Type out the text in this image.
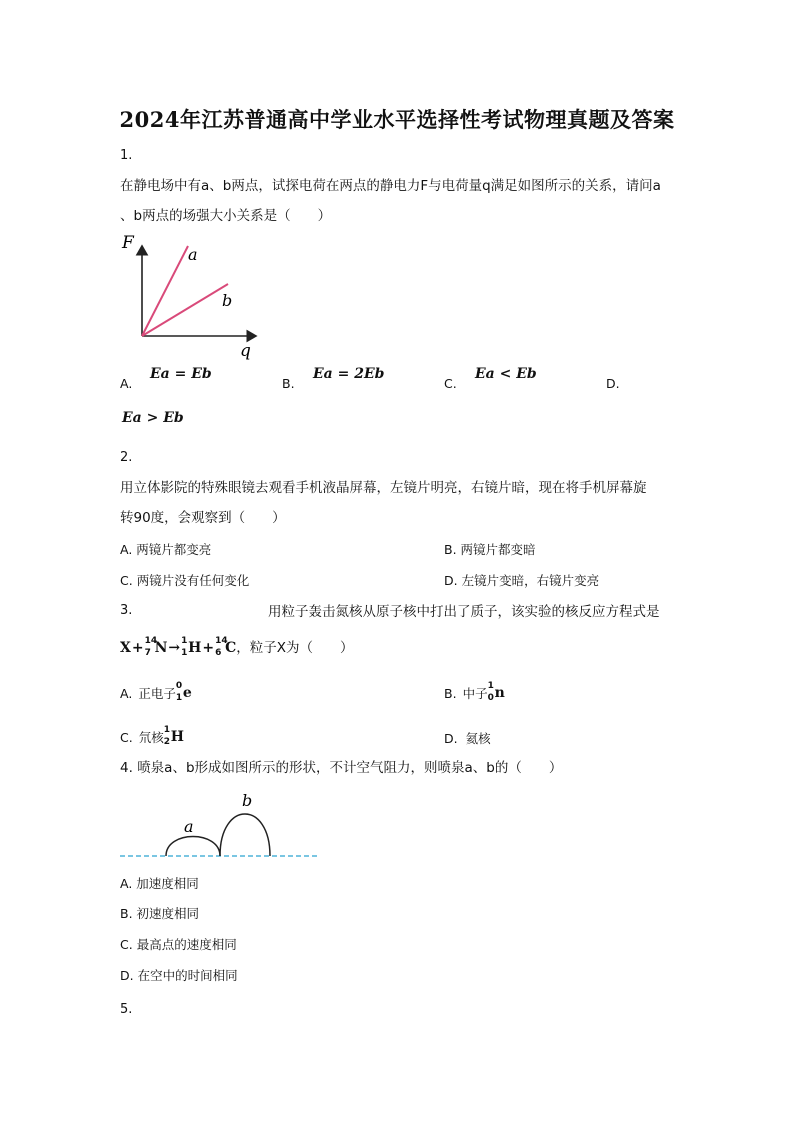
2024年江苏普通高中学业水平选择性考试物理真题及答案
1.
在静电场中有a、b两点，试探电荷在两点的静电力F与电荷量q满足如图所示的关系，请问a
、b两点的场强大小关系是（　　）
F
q
a
b
A.
Ea = Eb
B.
Ea = 2Eb
C.
Ea < Eb
D.
Ea > Eb
2.
用立体影院的特殊眼镜去观看手机液晶屏幕，左镜片明亮，右镜片暗，现在将手机屏幕旋
转90度，会观察到（　　）
A. 两镜片都变亮	B. 两镜片都变暗
C. 两镜片没有任何变化	D. 左镜片变暗，右镜片变亮
3.	用粒子轰击氮核从原子核中打出了质子，该实验的核反应方程式是
X + 14
7 N → 1
1 H + 14
6 C ，粒子X为（　　）
A. 正电子 0
1 e	B. 中子 1
0 n
C. 氘核 1
2 H	D. 氦核
4. 喷泉a、b形成如图所示的形状，不计空气阻力，则喷泉a、b的（　　）
a
b
A. 加速度相同
B. 初速度相同
C. 最高点的速度相同
D. 在空中的时间相同
5.
